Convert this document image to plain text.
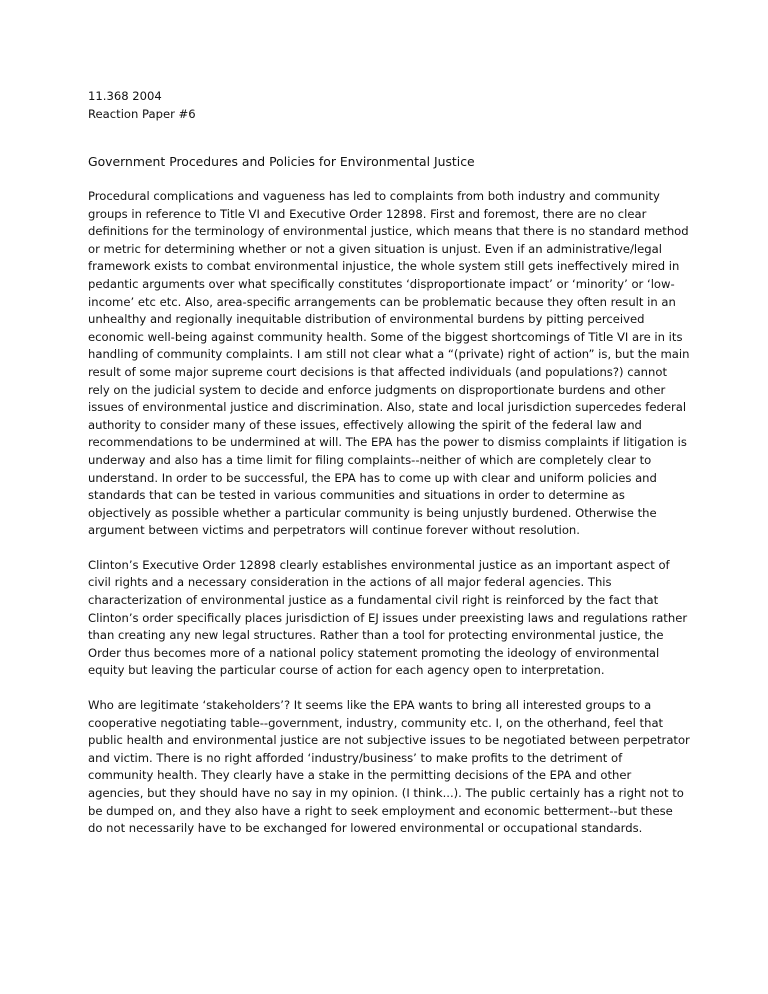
11.368 2004
Reaction Paper #6
Government Procedures and Policies for Environmental Justice

Procedural complications and vagueness has led to complaints from both industry and community groups in reference to Title VI and Executive Order 12898. First and foremost, there are no clear definitions for the terminology of environmental justice, which means that there is no standard method or metric for determining whether or not a given situation is unjust. Even if an administrative/legal framework exists to combat environmental injustice, the whole system still gets ineffectively mired in pedantic arguments over what specifically constitutes ‘disproportionate impact’ or ‘minority’ or ‘low-income’ etc etc. Also, area-specific arrangements can be problematic because they often result in an unhealthy and regionally inequitable distribution of environmental burdens by pitting perceived economic well-being against community health. Some of the biggest shortcomings of Title VI are in its handling of community complaints. I am still not clear what a “(private) right of action” is, but the main result of some major supreme court decisions is that affected individuals (and populations?) cannot rely on the judicial system to decide and enforce judgments on disproportionate burdens and other issues of environmental justice and discrimination. Also, state and local jurisdiction supercedes federal authority to consider many of these issues, effectively allowing the spirit of the federal law and recommendations to be undermined at will. The EPA has the power to dismiss complaints if litigation is underway and also has a time limit for filing complaints--neither of which are completely clear to understand. In order to be successful, the EPA has to come up with clear and uniform policies and standards that can be tested in various communities and situations in order to determine as objectively as possible whether a particular community is being unjustly burdened. Otherwise the argument between victims and perpetrators will continue forever without resolution.

Clinton’s Executive Order 12898 clearly establishes environmental justice as an important aspect of civil rights and a necessary consideration in the actions of all major federal agencies. This characterization of environmental justice as a fundamental civil right is reinforced by the fact that Clinton’s order specifically places jurisdiction of EJ issues under preexisting laws and regulations rather than creating any new legal structures. Rather than a tool for protecting environmental justice, the Order thus becomes more of a national policy statement promoting the ideology of environmental equity but leaving the particular course of action for each agency open to interpretation.

Who are legitimate ‘stakeholders’? It seems like the EPA wants to bring all interested groups to a cooperative negotiating table--government, industry, community etc. I, on the otherhand, feel that public health and environmental justice are not subjective issues to be negotiated between perpetrator and victim. There is no right afforded ‘industry/business’ to make profits to the detriment of community health. They clearly have a stake in the permitting decisions of the EPA and other agencies, but they should have no say in my opinion. (I think...). The public certainly has a right not to be dumped on, and they also have a right to seek employment and economic betterment--but these do not necessarily have to be exchanged for lowered environmental or occupational standards.
